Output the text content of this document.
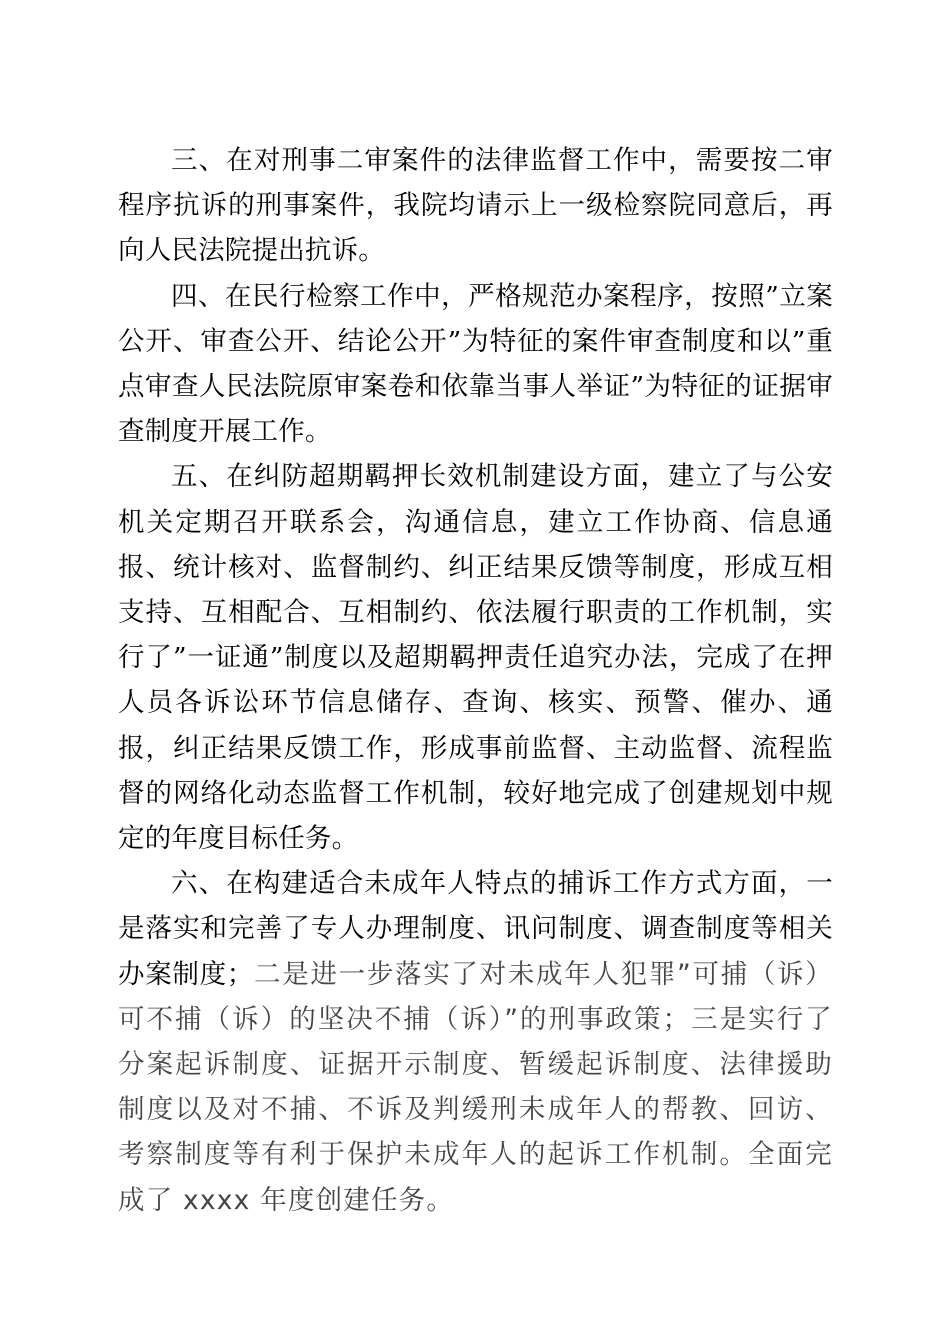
三、在对刑事二审案件的法律监督工作中，需要按二审程序抗诉的刑事案件，我院均请示上一级检察院同意后，再向人民法院提出抗诉。

四、在民行检察工作中，严格规范办案程序，按照”立案公开、审查公开、结论公开”为特征的案件审查制度和以”重点审查人民法院原审案卷和依靠当事人举证”为特征的证据审查制度开展工作。

五、在纠防超期羁押长效机制建设方面，建立了与公安机关定期召开联系会，沟通信息，建立工作协商、信息通报、统计核对、监督制约、纠正结果反馈等制度，形成互相支持、互相配合、互相制约、依法履行职责的工作机制，实行了”一证通”制度以及超期羁押责任追究办法，完成了在押人员各诉讼环节信息储存、查询、核实、预警、催办、通报，纠正结果反馈工作，形成事前监督、主动监督、流程监督的网络化动态监督工作机制，较好地完成了创建规划中规定的年度目标任务。

六、在构建适合未成年人特点的捕诉工作方式方面，一是落实和完善了专人办理制度、讯问制度、调查制度等相关办案制度；二是进一步落实了对未成年人犯罪”可捕（诉）可不捕（诉）的坚决不捕（诉）”的刑事政策；三是实行了分案起诉制度、证据开示制度、暂缓起诉制度、法律援助制度以及对不捕、不诉及判缓刑未成年人的帮教、回访、考察制度等有利于保护未成年人的起诉工作机制。全面完成了 xxxx 年度创建任务。
